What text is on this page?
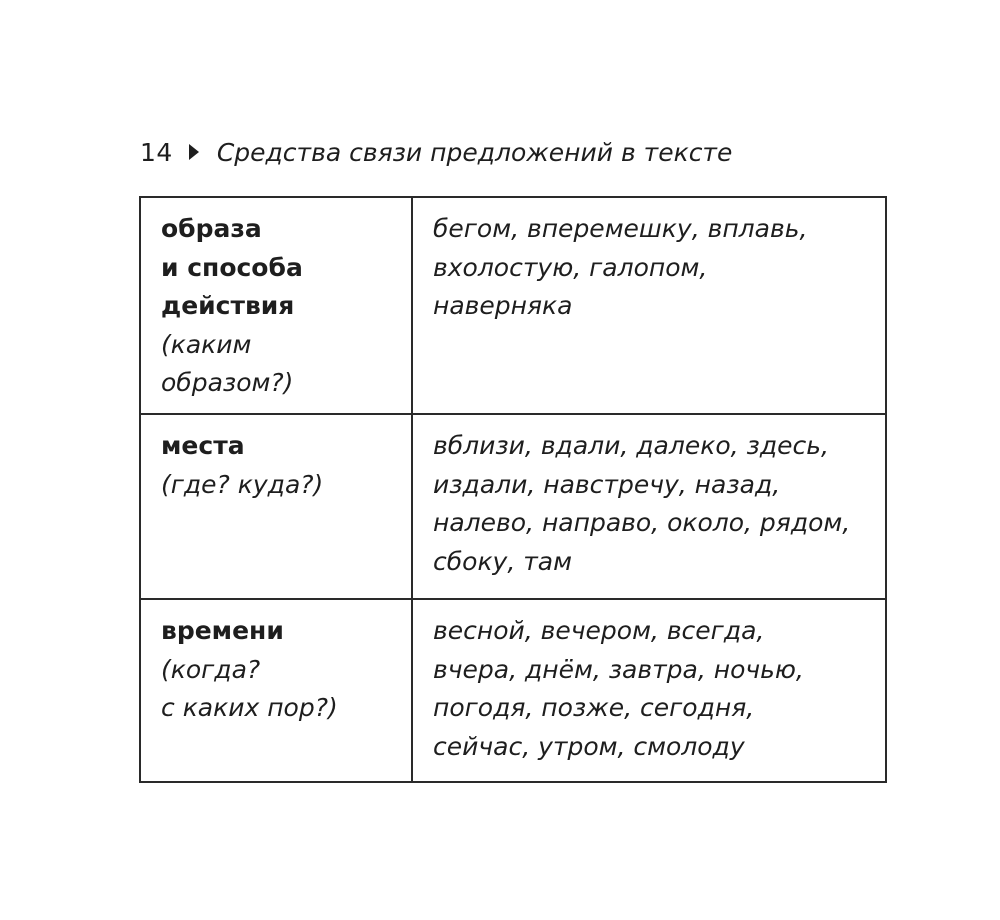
14 Средства связи предложений в тексте
образа
и способа
действия
(каким
образом?)	бегом, вперемешку, вплавь,
вхолостую, галопом,
наверняка

места
(где? куда?)	вблизи, вдали, далеко, здесь,
издали, навстречу, назад,
налево, направо, около, рядом,
сбоку, там

времени
(когда?
с каких пор?)	весной, вечером, всегда,
вчера, днём, завтра, ночью,
погодя, позже, сегодня,
сейчас, утром, смолоду
